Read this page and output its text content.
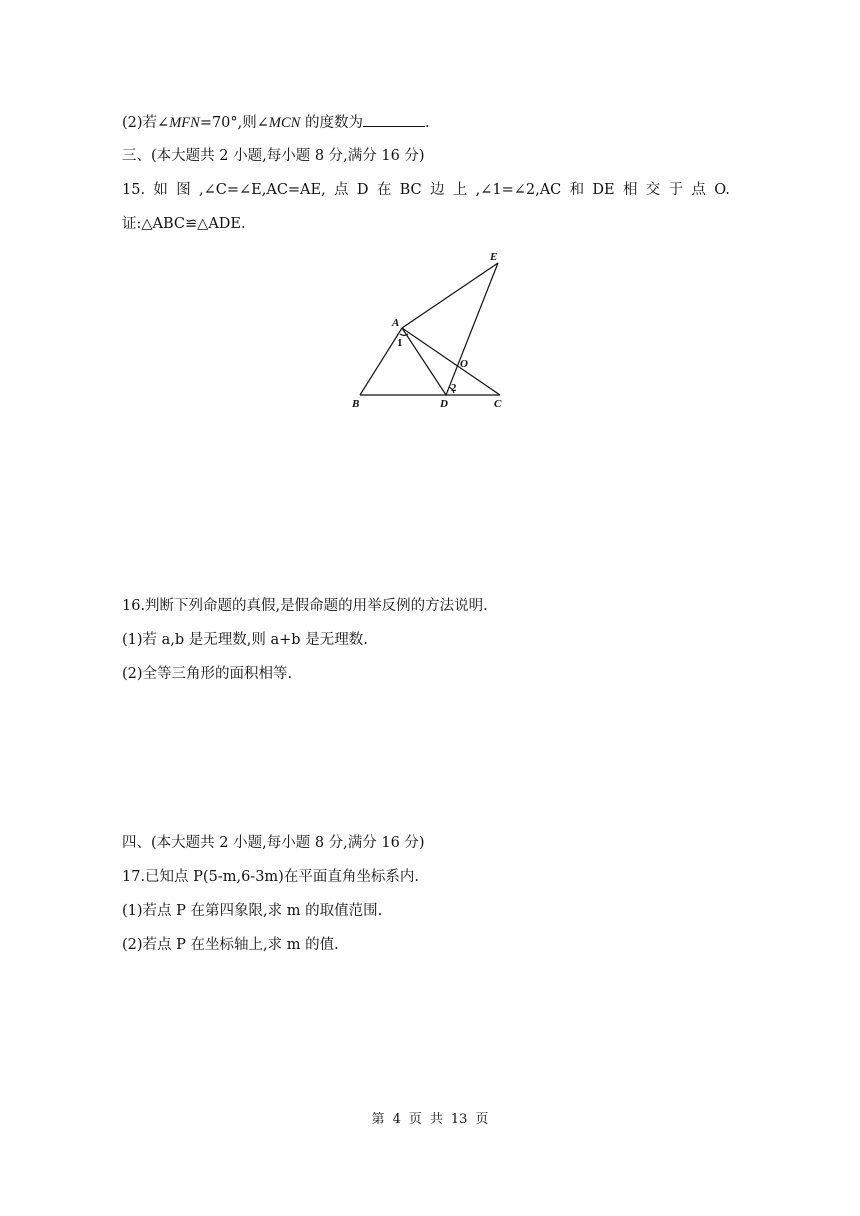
(2)若∠MFN=70°,则∠MCN 的度数为	.
三、(本大题共 2 小题,每小题 8 分,满分 16 分)
15. 如 图 ,∠C=∠E,AC=AE, 点 D 在 BC 边 上 ,∠1=∠2,AC 和 DE 相 交 于 点 O.
证:△ABC≌△ADE.
A
B	C
D
E
O
1
2
16.判断下列命题的真假,是假命题的用举反例的方法说明.
(1)若 a,b 是无理数,则 a+b 是无理数.
(2)全等三角形的面积相等.
四、(本大题共 2 小题,每小题 8 分,满分 16 分)
17.已知点 P(5-m,6-3m)在平面直角坐标系内.
(1)若点 P 在第四象限,求 m 的取值范围.
(2)若点 P 在坐标轴上,求 m 的值.
第 4 页 共 13 页
